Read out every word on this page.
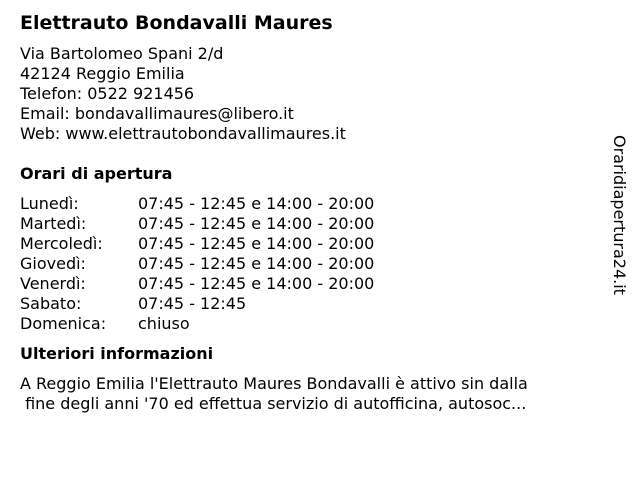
Elettrauto Bondavalli Maures
Via Bartolomeo Spani 2/d
42124 Reggio Emilia
Telefon: 0522 921456
Email: bondavallimaures@libero.it
Web: www.elettrautobondavallimaures.it
Orari di apertura
Lunedì:	07:45 - 12:45 e 14:00 - 20:00
Martedì:	07:45 - 12:45 e 14:00 - 20:00
Mercoledì:	07:45 - 12:45 e 14:00 - 20:00
Giovedì:	07:45 - 12:45 e 14:00 - 20:00
Venerdì:	07:45 - 12:45 e 14:00 - 20:00
Sabato:	07:45 - 12:45
Domenica:	chiuso
Ulteriori informazioni
A Reggio Emilia l'Elettrauto Maures Bondavalli è attivo sin dalla
fine degli anni '70 ed effettua servizio di autofficina, autosoc...
Oraridiapertura24.it
